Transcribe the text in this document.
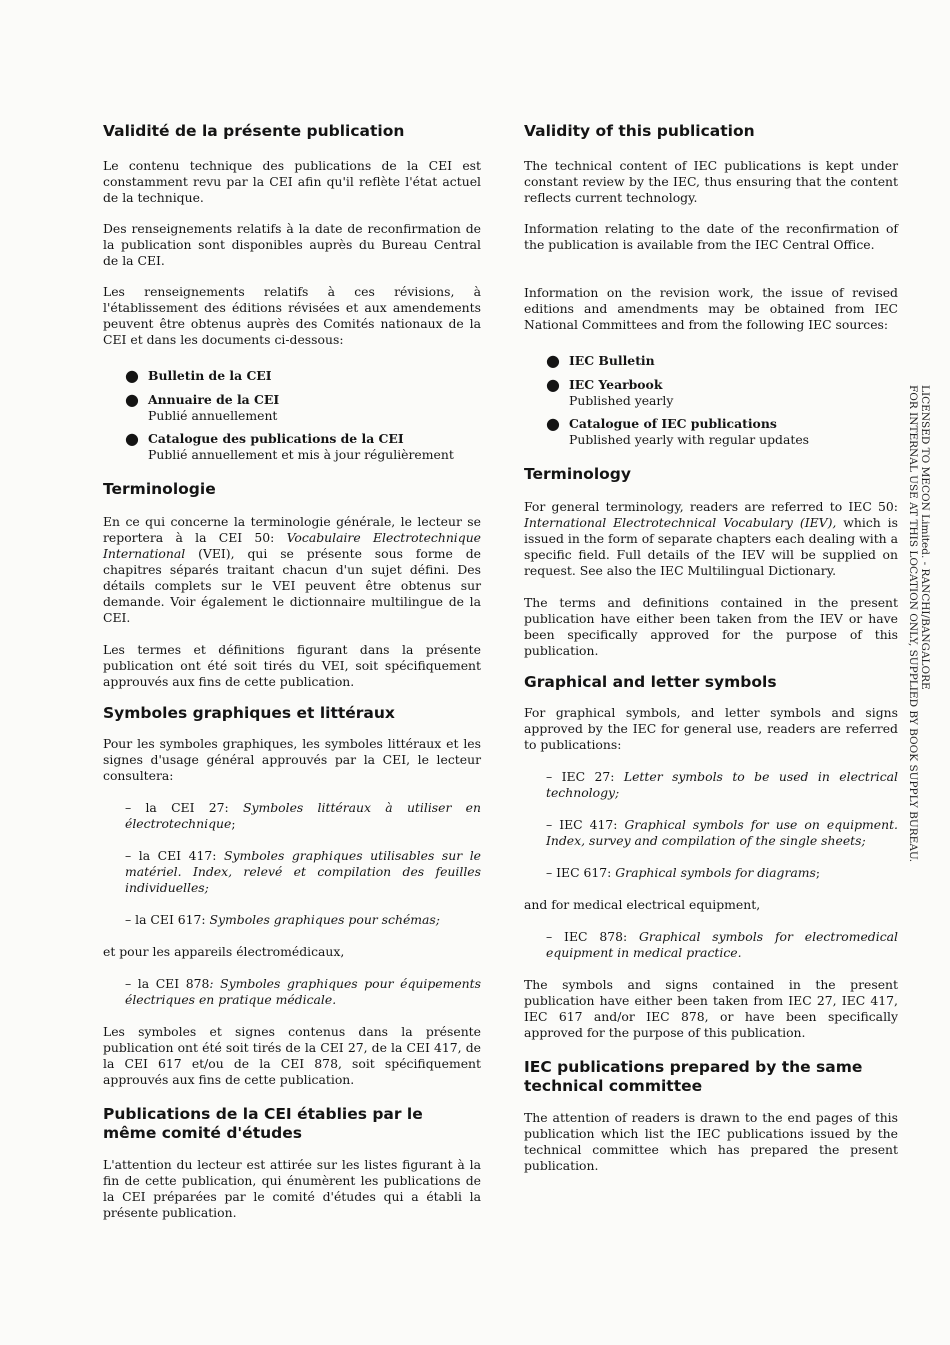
Validité de la présente publication

Le contenu technique des publications de la CEI est constamment revu par la CEI afin qu'il reflète l'état actuel de la technique.

Des renseignements relatifs à la date de reconfirmation de la publication sont disponibles auprès du Bureau Central de la CEI.

Les renseignements relatifs à ces révisions, à l'établissement des éditions révisées et aux amendements peuvent être obtenus auprès des Comités nationaux de la CEI et dans les documents ci-dessous:

● Bulletin de la CEI
● Annuaire de la CEI
Publié annuellement
● Catalogue des publications de la CEI
Publié annuellement et mis à jour régulièrement
Terminologie

En ce qui concerne la terminologie générale, le lecteur se reportera à la CEI 50: Vocabulaire Electrotechnique International (VEI), qui se présente sous forme de chapitres séparés traitant chacun d'un sujet défini. Des détails complets sur le VEI peuvent être obtenus sur demande. Voir également le dictionnaire multilingue de la CEI.

Les termes et définitions figurant dans la présente publication ont été soit tirés du VEI, soit spécifiquement approuvés aux fins de cette publication.

Symboles graphiques et littéraux

Pour les symboles graphiques, les symboles littéraux et les signes d'usage général approuvés par la CEI, le lecteur consultera:

– la CEI 27: Symboles littéraux à utiliser en électrotechnique;

– la CEI 417: Symboles graphiques utilisables sur le matériel. Index, relevé et compilation des feuilles individuelles;

– la CEI 617: Symboles graphiques pour schémas;

et pour les appareils électromédicaux,

– la CEI 878: Symboles graphiques pour équipements électriques en pratique médicale.

Les symboles et signes contenus dans la présente publication ont été soit tirés de la CEI 27, de la CEI 417, de la CEI 617 et/ou de la CEI 878, soit spécifiquement approuvés aux fins de cette publication.

Publications de la CEI établies par le même comité d'études

L'attention du lecteur est attirée sur les listes figurant à la fin de cette publication, qui énumèrent les publications de la CEI préparées par le comité d'études qui a établi la présente publication.

Validity of this publication

The technical content of IEC publications is kept under constant review by the IEC, thus ensuring that the content reflects current technology.

Information relating to the date of the reconfirmation of the publication is available from the IEC Central Office.

Information on the revision work, the issue of revised editions and amendments may be obtained from IEC National Committees and from the following IEC sources:

● IEC Bulletin
● IEC Yearbook
Published yearly
● Catalogue of IEC publications
Published yearly with regular updates
Terminology

For general terminology, readers are referred to IEC 50: International Electrotechnical Vocabulary (IEV), which is issued in the form of separate chapters each dealing with a specific field. Full details of the IEV will be supplied on request. See also the IEC Multilingual Dictionary.

The terms and definitions contained in the present publication have either been taken from the IEV or have been specifically approved for the purpose of this publication.

Graphical and letter symbols

For graphical symbols, and letter symbols and signs approved by the IEC for general use, readers are referred to publications:

– IEC 27: Letter symbols to be used in electrical technology;

– IEC 417: Graphical symbols for use on equipment. Index, survey and compilation of the single sheets;

– IEC 617: Graphical symbols for diagrams;

and for medical electrical equipment,

– IEC 878: Graphical symbols for electromedical equipment in medical practice.

The symbols and signs contained in the present publication have either been taken from IEC 27, IEC 417, IEC 617 and/or IEC 878, or have been specifically approved for the purpose of this publication.

IEC publications prepared by the same technical committee

The attention of readers is drawn to the end pages of this publication which list the IEC publications issued by the technical committee which has prepared the present publication.

LICENSED TO MECON Limited. - RANCHI/BANGALORE
FOR INTERNAL USE AT THIS LOCATION ONLY, SUPPLIED BY BOOK SUPPLY BUREAU.
